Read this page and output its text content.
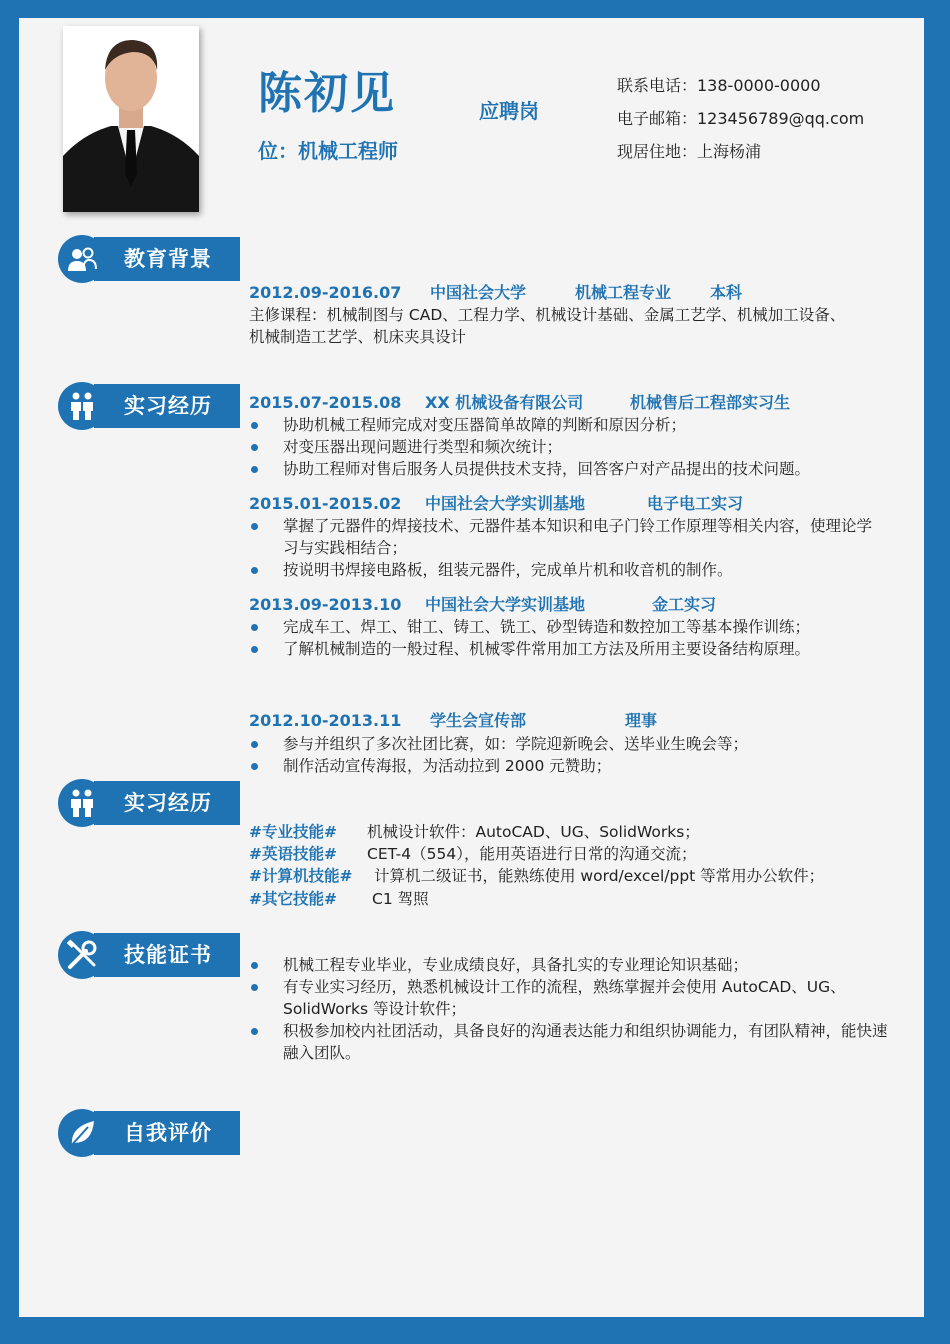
陈初见	应聘岗
位：机械工程师
联系电话：138-0000-0000
电子邮箱：123456789@qq.com
现居住地：上海杨浦
教育背景
2012.09-2016.07 中国社会大学	机械工程专业 本科
主修课程：机械制图与 CAD、工程力学、机械设计基础、金属工艺学、机械加工设备、
机械制造工艺学、机床夹具设计
实习经历 2015.07-2015.08 XX 机械设备有限公司	机械售后工程部实习生
协助机械工程师完成对变压器简单故障的判断和原因分析；
对变压器出现问题进行类型和频次统计；
协助工程师对售后服务人员提供技术支持，回答客户对产品提出的技术问题。
2015.01-2015.02 中国社会大学实训基地	电子电工实习
掌握了元器件的焊接技术、元器件基本知识和电子门铃工作原理等相关内容，使理论学习与实践相结合；
按说明书焊接电路板，组装元器件，完成单片机和收音机的制作。
2013.09-2013.10 中国社会大学实训基地	金工实习
完成车工、焊工、钳工、铸工、铣工、砂型铸造和数控加工等基本操作训练；
了解机械制造的一般过程、机械零件常用加工方法及所用主要设备结构原理。
2012.10-2013.11 学生会宣传部	理事
参与并组织了多次社团比赛，如：学院迎新晚会、送毕业生晚会等；
制作活动宣传海报，为活动拉到 2000 元赞助；
实习经历
#专业技能# 机械设计软件：AutoCAD、UG、SolidWorks；
#英语技能# CET-4（554），能用英语进行日常的沟通交流；
#计算机技能# 计算机二级证书，能熟练使用 word/excel/ppt 等常用办公软件；
#其它技能# C1 驾照
技能证书	机械工程专业毕业，专业成绩良好，具备扎实的专业理论知识基础；
有专业实习经历，熟悉机械设计工作的流程，熟练掌握并会使用 AutoCAD、UG、SolidWorks 等设计软件；
积极参加校内社团活动，具备良好的沟通表达能力和组织协调能力，有团队精神，能快速融入团队。
自我评价
